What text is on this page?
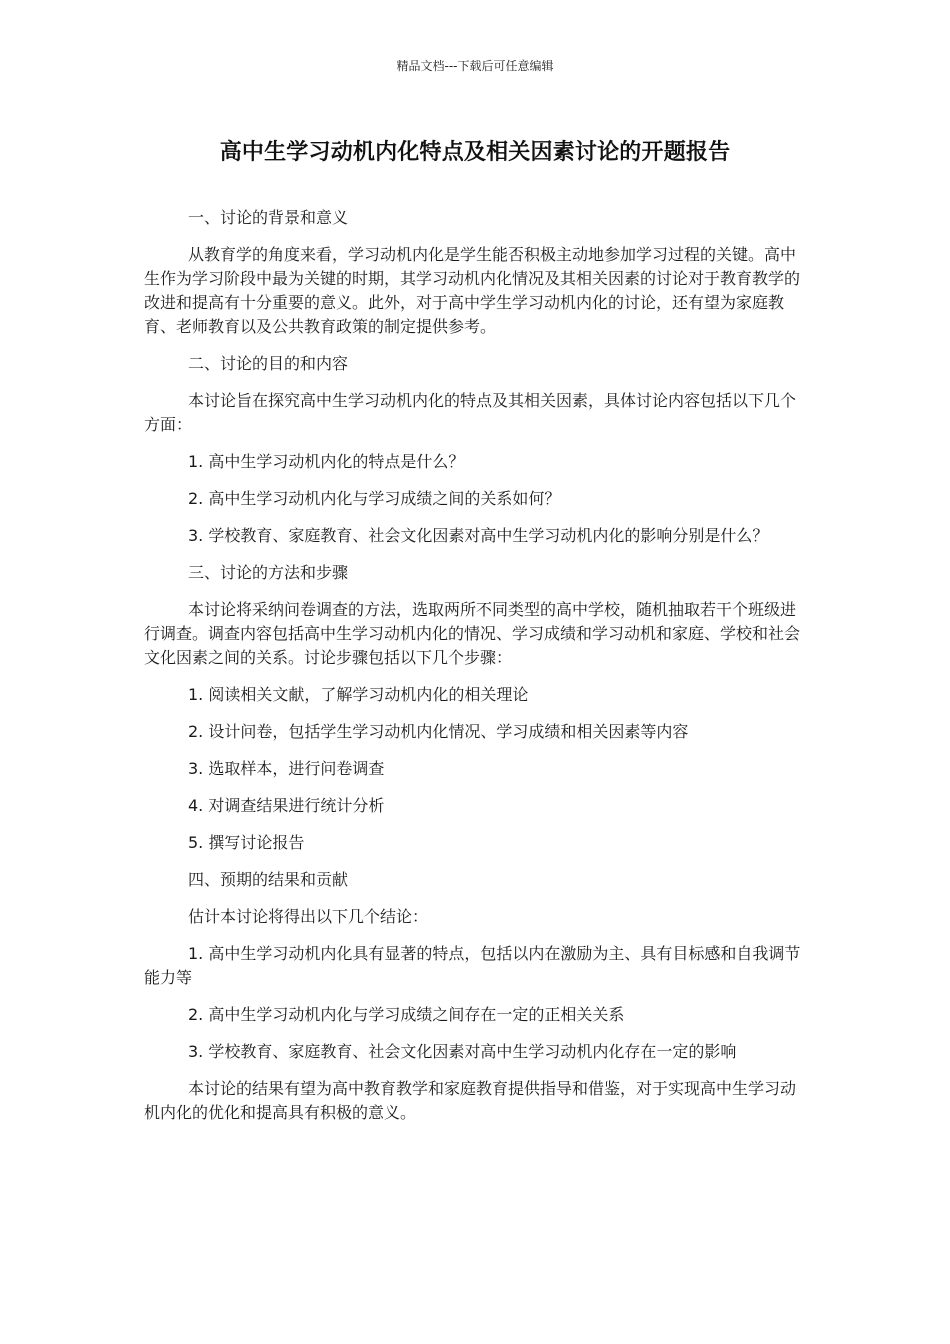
精品文档---下载后可任意编辑
高中生学习动机内化特点及相关因素讨论的开题报告

一、讨论的背景和意义

从教育学的角度来看，学习动机内化是学生能否积极主动地参加学习过程的关键。高中生作为学习阶段中最为关键的时期，其学习动机内化情况及其相关因素的讨论对于教育教学的改进和提高有十分重要的意义。此外，对于高中学生学习动机内化的讨论，还有望为家庭教育、老师教育以及公共教育政策的制定提供参考。

二、讨论的目的和内容

本讨论旨在探究高中生学习动机内化的特点及其相关因素，具体讨论内容包括以下几个方面：

1. 高中生学习动机内化的特点是什么？

2. 高中生学习动机内化与学习成绩之间的关系如何？

3. 学校教育、家庭教育、社会文化因素对高中生学习动机内化的影响分别是什么？

三、讨论的方法和步骤

本讨论将采纳问卷调查的方法，选取两所不同类型的高中学校，随机抽取若干个班级进行调查。调查内容包括高中生学习动机内化的情况、学习成绩和学习动机和家庭、学校和社会文化因素之间的关系。讨论步骤包括以下几个步骤：

1. 阅读相关文献，了解学习动机内化的相关理论

2. 设计问卷，包括学生学习动机内化情况、学习成绩和相关因素等内容

3. 选取样本，进行问卷调查

4. 对调查结果进行统计分析

5. 撰写讨论报告

四、预期的结果和贡献

估计本讨论将得出以下几个结论：

1. 高中生学习动机内化具有显著的特点，包括以内在激励为主、具有目标感和自我调节能力等

2. 高中生学习动机内化与学习成绩之间存在一定的正相关关系

3. 学校教育、家庭教育、社会文化因素对高中生学习动机内化存在一定的影响

本讨论的结果有望为高中教育教学和家庭教育提供指导和借鉴，对于实现高中生学习动机内化的优化和提高具有积极的意义。
